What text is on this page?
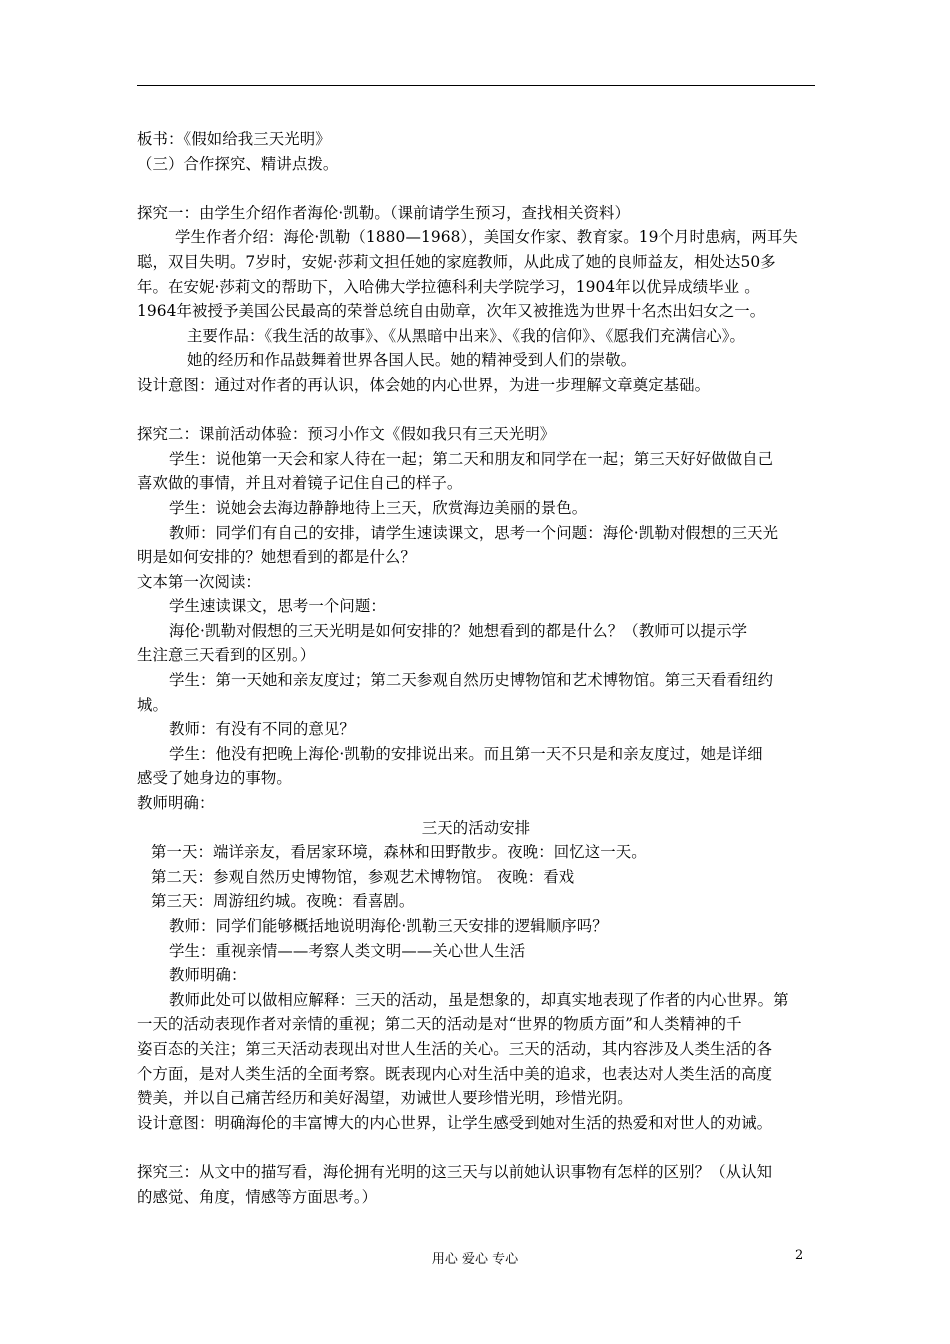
板书：《假如给我三天光明》
（三）合作探究、精讲点拨。
探究一：由学生介绍作者海伦·凯勒。（课前请学生预习，查找相关资料）
学生作者介绍：海伦·凯勒（1880—1968），美国女作家、教育家。19个月时患病，两耳失
聪，双目失明。7岁时，安妮·莎莉文担任她的家庭教师，从此成了她的良师益友，相处达50多
年。在安妮·莎莉文的帮助下，入哈佛大学拉德科利夫学院学习，1904年以优异成绩毕业 。
1964年被授予美国公民最高的荣誉总统自由勋章，次年又被推选为世界十名杰出妇女之一。
主要作品：《我生活的故事》、《从黑暗中出来》、《我的信仰》、《愿我们充满信心》。
她的经历和作品鼓舞着世界各国人民。她的精神受到人们的崇敬。
设计意图：通过对作者的再认识，体会她的内心世界，为进一步理解文章奠定基础。
探究二：课前活动体验：预习小作文《假如我只有三天光明》
学生：说他第一天会和家人待在一起；第二天和朋友和同学在一起；第三天好好做做自己
喜欢做的事情，并且对着镜子记住自己的样子。
学生：说她会去海边静静地待上三天，欣赏海边美丽的景色。
教师：同学们有自己的安排，请学生速读课文，思考一个问题：海伦·凯勒对假想的三天光
明是如何安排的？她想看到的都是什么？
文本第一次阅读：
学生速读课文，思考一个问题：
海伦·凯勒对假想的三天光明是如何安排的？她想看到的都是什么？（教师可以提示学
生注意三天看到的区别。）
学生：第一天她和亲友度过；第二天参观自然历史博物馆和艺术博物馆。第三天看看纽约
城。
教师：有没有不同的意见？
学生：他没有把晚上海伦·凯勒的安排说出来。而且第一天不只是和亲友度过，她是详细
感受了她身边的事物。
教师明确：
三天的活动安排
第一天：端详亲友，看居家环境，森林和田野散步。夜晚：回忆这一天。
第二天：参观自然历史博物馆，参观艺术博物馆。 夜晚：看戏
第三天：周游纽约城。夜晚：看喜剧。
教师：同学们能够概括地说明海伦·凯勒三天安排的逻辑顺序吗？
学生：重视亲情——考察人类文明——关心世人生活
教师明确：
教师此处可以做相应解释：三天的活动，虽是想象的，却真实地表现了作者的内心世界。第
一天的活动表现作者对亲情的重视；第二天的活动是对“世界的物质方面”和人类精神的千
姿百态的关注；第三天活动表现出对世人生活的关心。三天的活动，其内容涉及人类生活的各
个方面，是对人类生活的全面考察。既表现内心对生活中美的追求，也表达对人类生活的高度
赞美，并以自己痛苦经历和美好渴望，劝诫世人要珍惜光明，珍惜光阴。
设计意图：明确海伦的丰富博大的内心世界，让学生感受到她对生活的热爱和对世人的劝诫。
探究三：从文中的描写看，海伦拥有光明的这三天与以前她认识事物有怎样的区别？（从认知
的感觉、角度，情感等方面思考。）
用心 爱心 专心	2
